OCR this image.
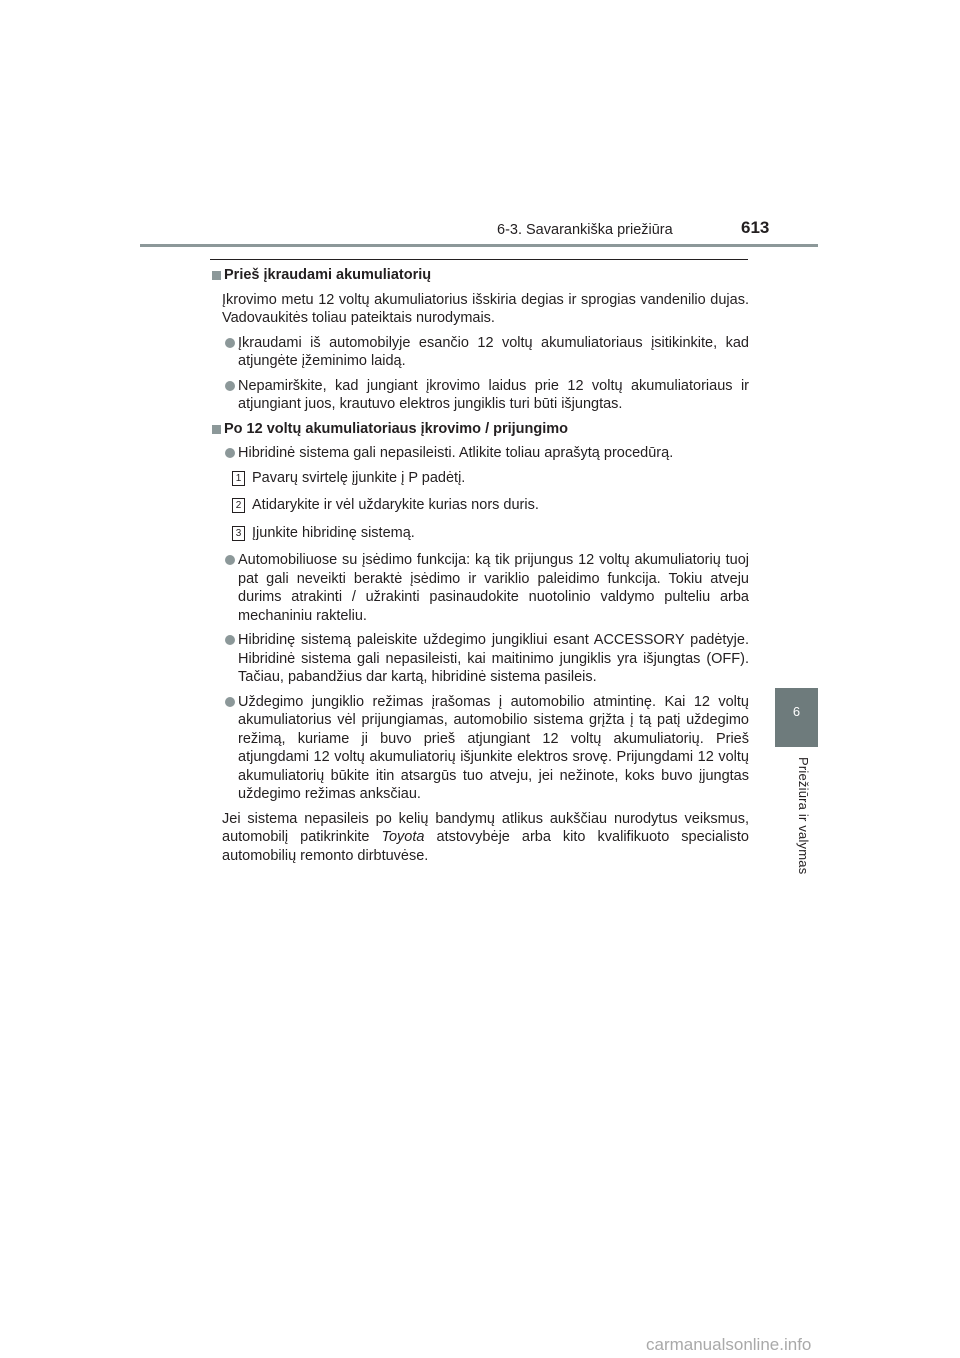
6-3. Savarankiška priežiūra	613
6
Priežiūra ir valymas
Prieš įkraudami akumuliatorių
Įkrovimo metu 12 voltų akumuliatorius išskiria degias ir sprogias vandenilio dujas. Vadovaukitės toliau pateiktais nurodymais.
Įkraudami iš automobilyje esančio 12 voltų akumuliatoriaus įsitikinkite, kad atjungėte įžeminimo laidą.
Nepamirškite, kad jungiant įkrovimo laidus prie 12 voltų akumuliatoriaus ir atjungiant juos, krautuvo elektros jungiklis turi būti išjungtas.
Po 12 voltų akumuliatoriaus įkrovimo / prijungimo
Hibridinė sistema gali nepasileisti. Atlikite toliau aprašytą procedūrą.
1 Pavarų svirtelę įjunkite į P padėtį.
2 Atidarykite ir vėl uždarykite kurias nors duris.
3 Įjunkite hibridinę sistemą.
Automobiliuose su įsėdimo funkcija: ką tik prijungus 12 voltų akumuliatorių tuoj pat gali neveikti beraktė įsėdimo ir variklio paleidimo funkcija. Tokiu atveju durims atrakinti / užrakinti pasinaudokite nuotolinio valdymo pulteliu arba mechaniniu rakteliu.
Hibridinę sistemą paleiskite uždegimo jungikliui esant ACCESSORY padėtyje. Hibridinė sistema gali nepasileisti, kai maitinimo jungiklis yra išjungtas (OFF). Tačiau, pabandžius dar kartą, hibridinė sistema pasileis.
Uždegimo jungiklio režimas įrašomas į automobilio atmintinę. Kai 12 voltų akumuliatorius vėl prijungiamas, automobilio sistema grįžta į tą patį uždegimo režimą, kuriame ji buvo prieš atjungiant 12 voltų akumuliatorių. Prieš atjungdami 12 voltų akumuliatorių išjunkite elektros srovę. Prijungdami 12 voltų akumuliatorių būkite itin atsargūs tuo atveju, jei nežinote, koks buvo įjungtas uždegimo režimas anksčiau.
Jei sistema nepasileis po kelių bandymų atlikus aukščiau nurodytus veiksmus, automobilį patikrinkite Toyota atstovybėje arba kito kvalifikuoto specialisto automobilių remonto dirbtuvėse.
carmanualsonline.info
